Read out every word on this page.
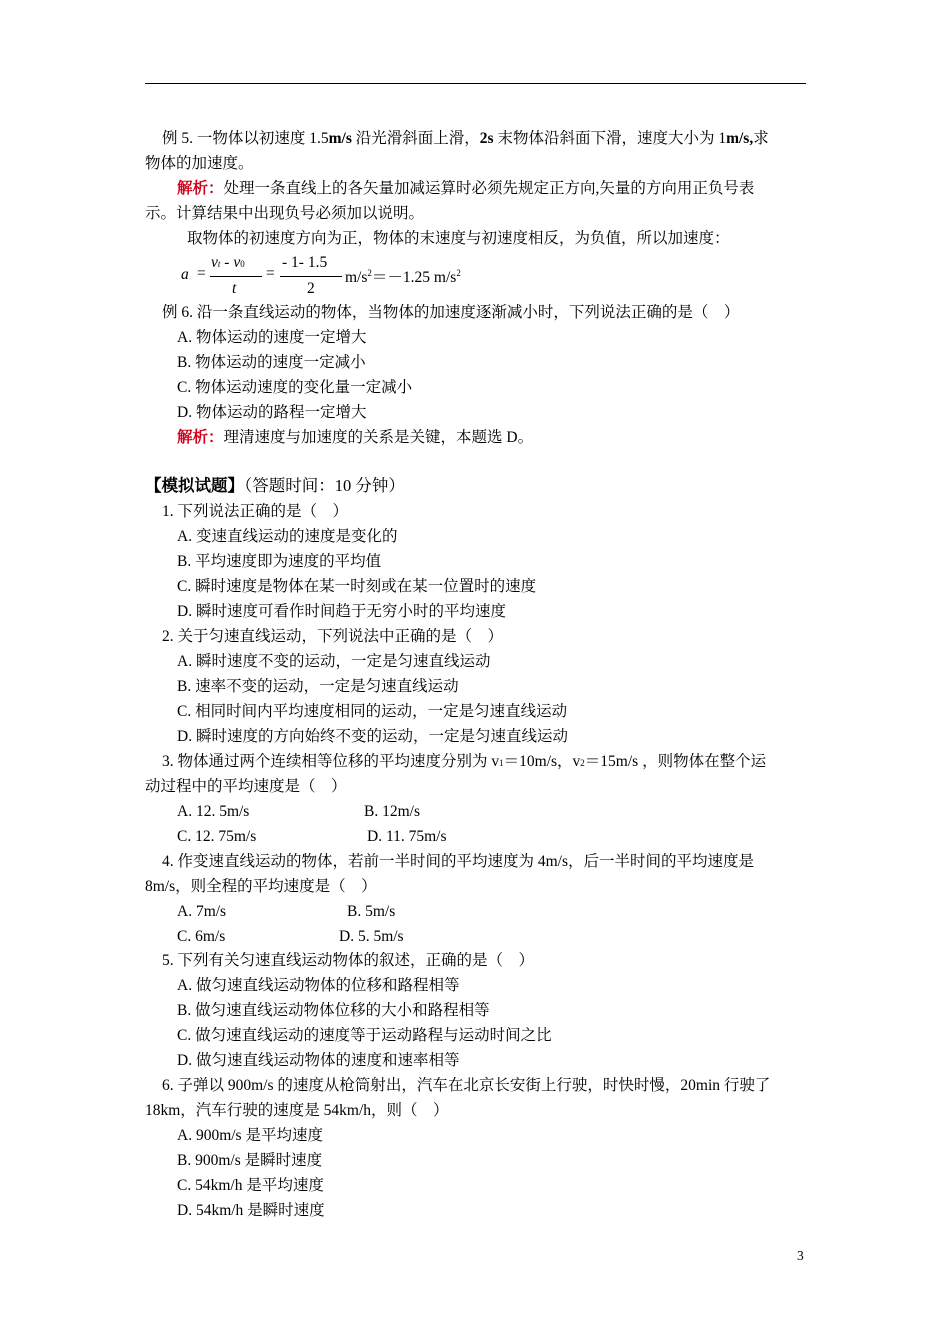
例 5. 一物体以初速度 1.5m/s 沿光滑斜面上滑，2s 末物体沿斜面下滑，速度大小为 1m/s,求
物体的加速度。
解析：处理一条直线上的各矢量加减运算时必须先规定正方向,矢量的方向用正负号表
示。计算结果中出现负号必须加以说明。
取物体的初速度方向为正，物体的末速度与初速度相反，为负值，所以加速度：
a =
vt - v0
t
=
- 1- 1.5
2
$m/s^2=-1.25$ $m/s^2$
例 6. 沿一条直线运动的物体，当物体的加速度逐渐减小时，下列说法正确的是（　）
A. 物体运动的速度一定增大
B. 物体运动的速度一定减小
C. 物体运动速度的变化量一定减小
D. 物体运动的路程一定增大
解析：理清速度与加速度的关系是关键，本题选 D。
【模拟试题】（答题时间：10 分钟）
1. 下列说法正确的是（　）
A. 变速直线运动的速度是变化的
B. 平均速度即为速度的平均值
C. 瞬时速度是物体在某一时刻或在某一位置时的速度
D. 瞬时速度可看作时间趋于无穷小时的平均速度
2. 关于匀速直线运动，下列说法中正确的是（　）
A. 瞬时速度不变的运动，一定是匀速直线运动
B. 速率不变的运动，一定是匀速直线运动
C. 相同时间内平均速度相同的运动，一定是匀速直线运动
D. 瞬时速度的方向始终不变的运动，一定是匀速直线运动
3. 物体通过两个连续相等位移的平均速度分别为 v1＝10m/s，v2＝15m/s ，则物体在整个运
动过程中的平均速度是（　）
A. 12. 5m/s	B. 12m/s
C. 12. 75m/s	D. 11. 75m/s
4. 作变速直线运动的物体，若前一半时间的平均速度为 4m/s，后一半时间的平均速度是
8m/s，则全程的平均速度是（　）
A. 7m/s	B. 5m/s
C. 6m/s	D. 5. 5m/s
5. 下列有关匀速直线运动物体的叙述，正确的是（　）
A. 做匀速直线运动物体的位移和路程相等
B. 做匀速直线运动物体位移的大小和路程相等
C. 做匀速直线运动的速度等于运动路程与运动时间之比
D. 做匀速直线运动物体的速度和速率相等
6. 子弹以 900m/s 的速度从枪筒射出，汽车在北京长安街上行驶，时快时慢，20min 行驶了
18km，汽车行驶的速度是 54km/h，则（　）
A. 900m/s 是平均速度
B. 900m/s 是瞬时速度
C. 54km/h 是平均速度
D. 54km/h 是瞬时速度
3
